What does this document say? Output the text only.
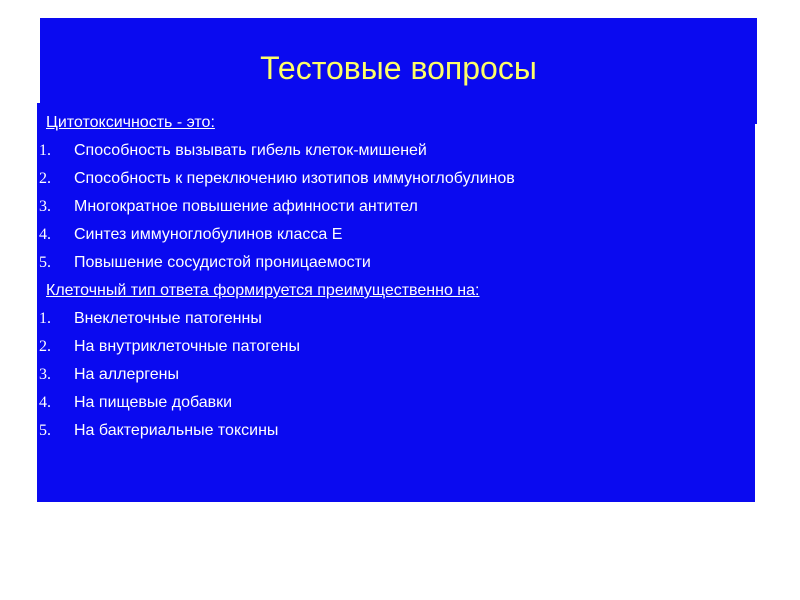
Тестовые вопросы
Цитотоксичность - это:
1. Способность вызывать гибель клеток-мишеней
2. Способность к переключению изотипов иммуноглобулинов
3. Многократное повышение афинности антител
4. Синтез иммуноглобулинов класса Е
5. Повышение сосудистой проницаемости
Клеточный тип ответа формируется преимущественно на:
1. Внеклеточные патогенны
2. На внутриклеточные патогены
3. На аллергены
4. На пищевые добавки
5. На бактериальные токсины
